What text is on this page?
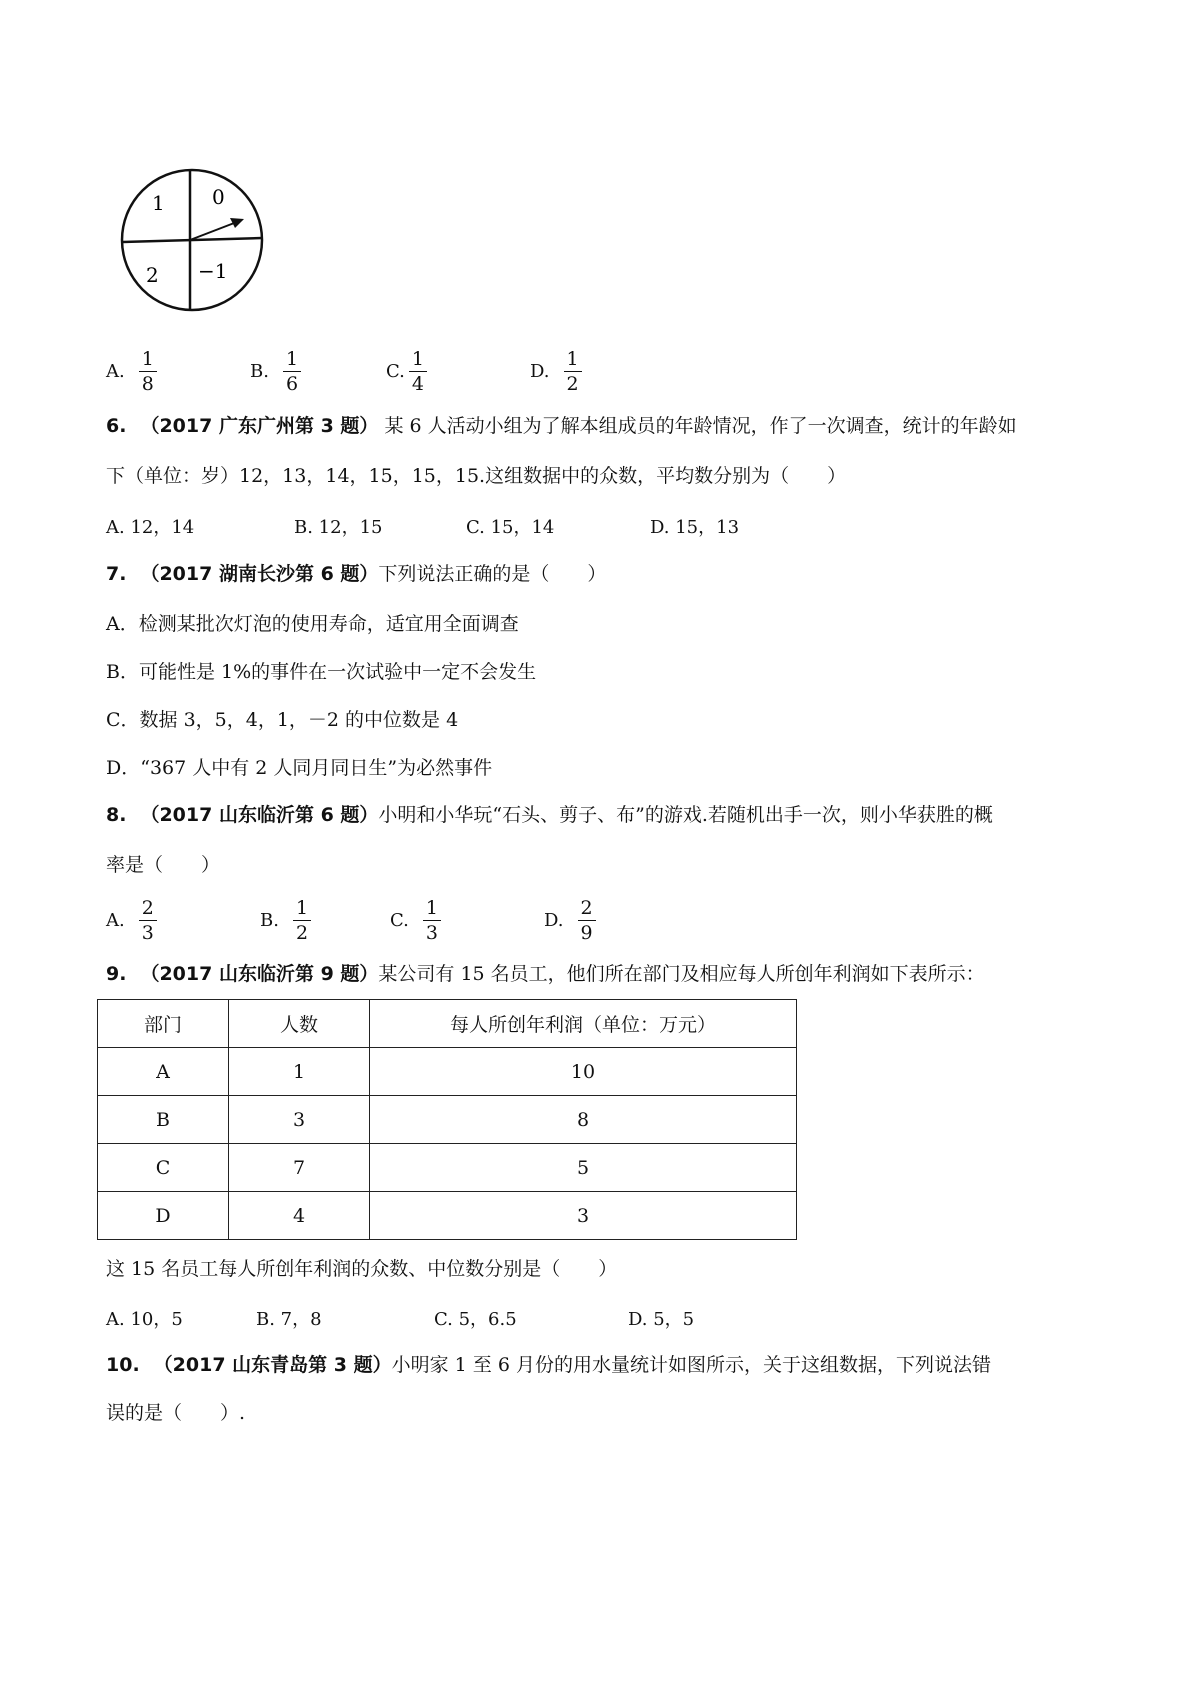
1 0
2 −1
A. $\frac{1}{8}$	B. $\frac{1}{6}$	C. $\frac{1}{4}$	D. $\frac{1}{2}$
6. （2017 广东广州第 3 题） 某 6 人活动小组为了解本组成员的年龄情况，作了一次调查，统计的年龄如
下（单位：岁）12，13，14，15，15，15.这组数据中的众数，平均数分别为（　　）
A. 12，14	B. 12，15	C. 15，14	D. 15，13
7. （2017 湖南长沙第 6 题）下列说法正确的是（　　）
A．检测某批次灯泡的使用寿命，适宜用全面调查
B．可能性是 1%的事件在一次试验中一定不会发生
C．数据 3，5，4，1，－2 的中位数是 4
D．“367 人中有 2 人同月同日生”为必然事件
8. （2017 山东临沂第 6 题）小明和小华玩“石头、剪子、布”的游戏.若随机出手一次，则小华获胜的概
率是（　　）
A. $\frac{2}{3}$	B. $\frac{1}{2}$	C. $\frac{1}{3}$	D. $\frac{2}{9}$
9. （2017 山东临沂第 9 题）某公司有 15 名员工，他们所在部门及相应每人所创年利润如下表所示：
部门	人数	每人所创年利润（单位：万元）
A	1	10
B	3	8
C	7	5
D	4	3
这 15 名员工每人所创年利润的众数、中位数分别是（　　）
A. 10，5	B. 7，8	C. 5，6.5	D. 5，5
10. （2017 山东青岛第 3 题）小明家 1 至 6 月份的用水量统计如图所示，关于这组数据，下列说法错
误的是（　　）.
